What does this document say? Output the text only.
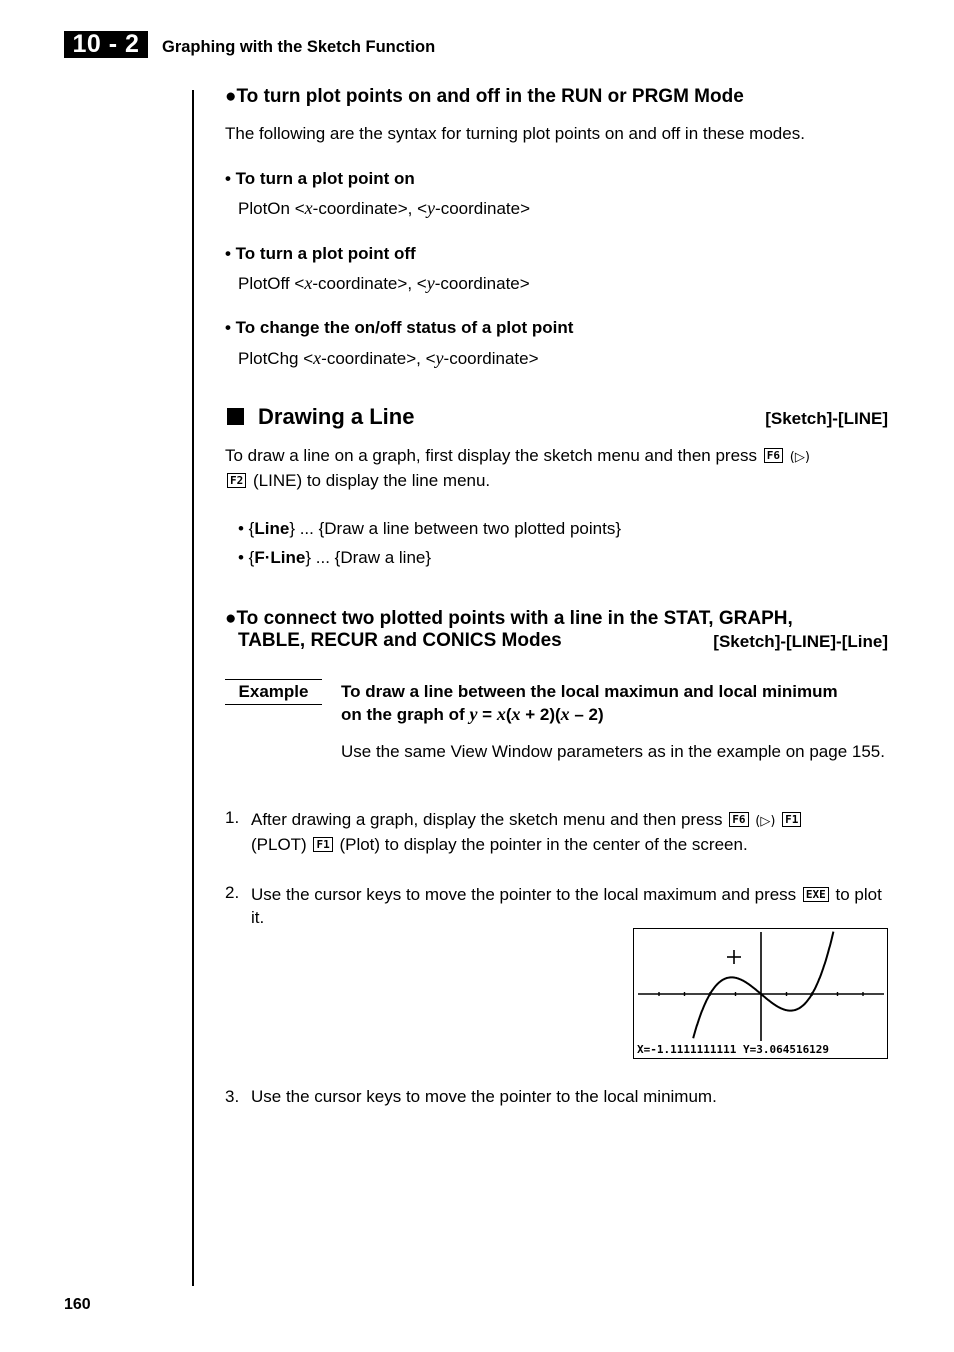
10 - 2	Graphing with the Sketch Function
●To turn plot points on and off in the RUN or PRGM Mode
The following are the syntax for turning plot points on and off in these modes.
• To turn a plot point on
PlotOn <x-coordinate>, <y-coordinate>
• To turn a plot point off
PlotOff <x-coordinate>, <y-coordinate>
• To change the on/off status of a plot point
PlotChg <x-coordinate>, <y-coordinate>
Drawing a Line	[Sketch]-[LINE]
To draw a line on a graph, first display the sketch menu and then press F6 (▷)
F2 (LINE) to display the line menu.
• {Line} ... {Draw a line between two plotted points}
• {F·Line} ... {Draw a line}
●To connect two plotted points with a line in the STAT, GRAPH,
TABLE, RECUR and CONICS Modes	[Sketch]-[LINE]-[Line]
Example	To draw a line between the local maximun and local minimum
on the graph of y = x(x + 2)(x – 2)
Use the same View Window parameters as in the example on page 155.
1. After drawing a graph, display the sketch menu and then press F6 (▷) F1
(PLOT) F1 (Plot) to display the pointer in the center of the screen.
2. Use the cursor keys to move the pointer to the local maximum and press EXE to plot it.
X=-1.1111111111 Y=3.064516129
3. Use the cursor keys to move the pointer to the local minimum.
160
